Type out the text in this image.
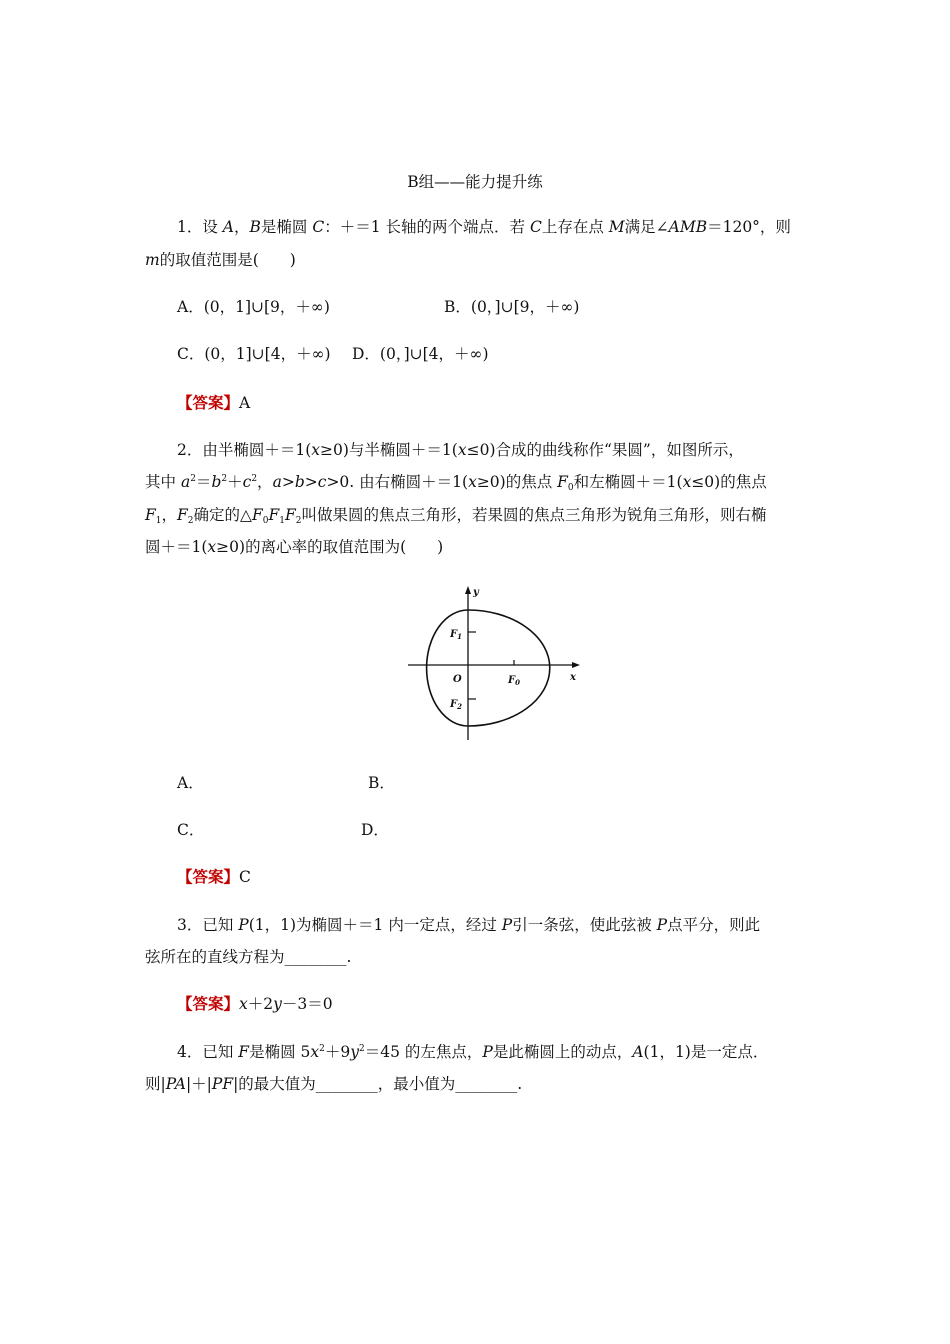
B组——能力提升练
1．设 A，B是椭圆 C：＋＝1 长轴的两个端点．若 C上存在点 M满足∠AMB＝120°，则
m的取值范围是(　　)
A．(0，1]∪[9，＋∞)	B．(0，]∪[9，＋∞)
C．(0，1]∪[4，＋∞) D．(0，]∪[4，＋∞)
【答案】A
2．由半椭圆＋＝1(x≥0)与半椭圆＋＝1(x≤0)合成的曲线称作“果圆”，如图所示，
其中 $a^2=b^2+c^2$，a>b>c>0. 由右椭圆＋＝1(x≥0)的焦点 $F_0$和左椭圆＋＝1(x≤0)的焦点
$F_1$，$F_2$确定的$\triangle F_0F_1F_2$叫做果圆的焦点三角形，若果圆的焦点三角形为锐角三角形，则右椭
圆＋＝1(x≥0)的离心率的取值范围为(　　)
y
x
O	$F_0$
$F_1$
$F_2$
A．	B．
C．	D．
【答案】C
3．已知 P(1，1)为椭圆＋＝1 内一定点，经过 P引一条弦，使此弦被 P点平分，则此
弦所在的直线方程为________.
【答案】x＋2y－3＝0
4．已知 F是椭圆 $5x^2+9y^2=45$ 的左焦点，P是此椭圆上的动点，A(1，1)是一定点．
则|PA|＋|PF|的最大值为________，最小值为________.
